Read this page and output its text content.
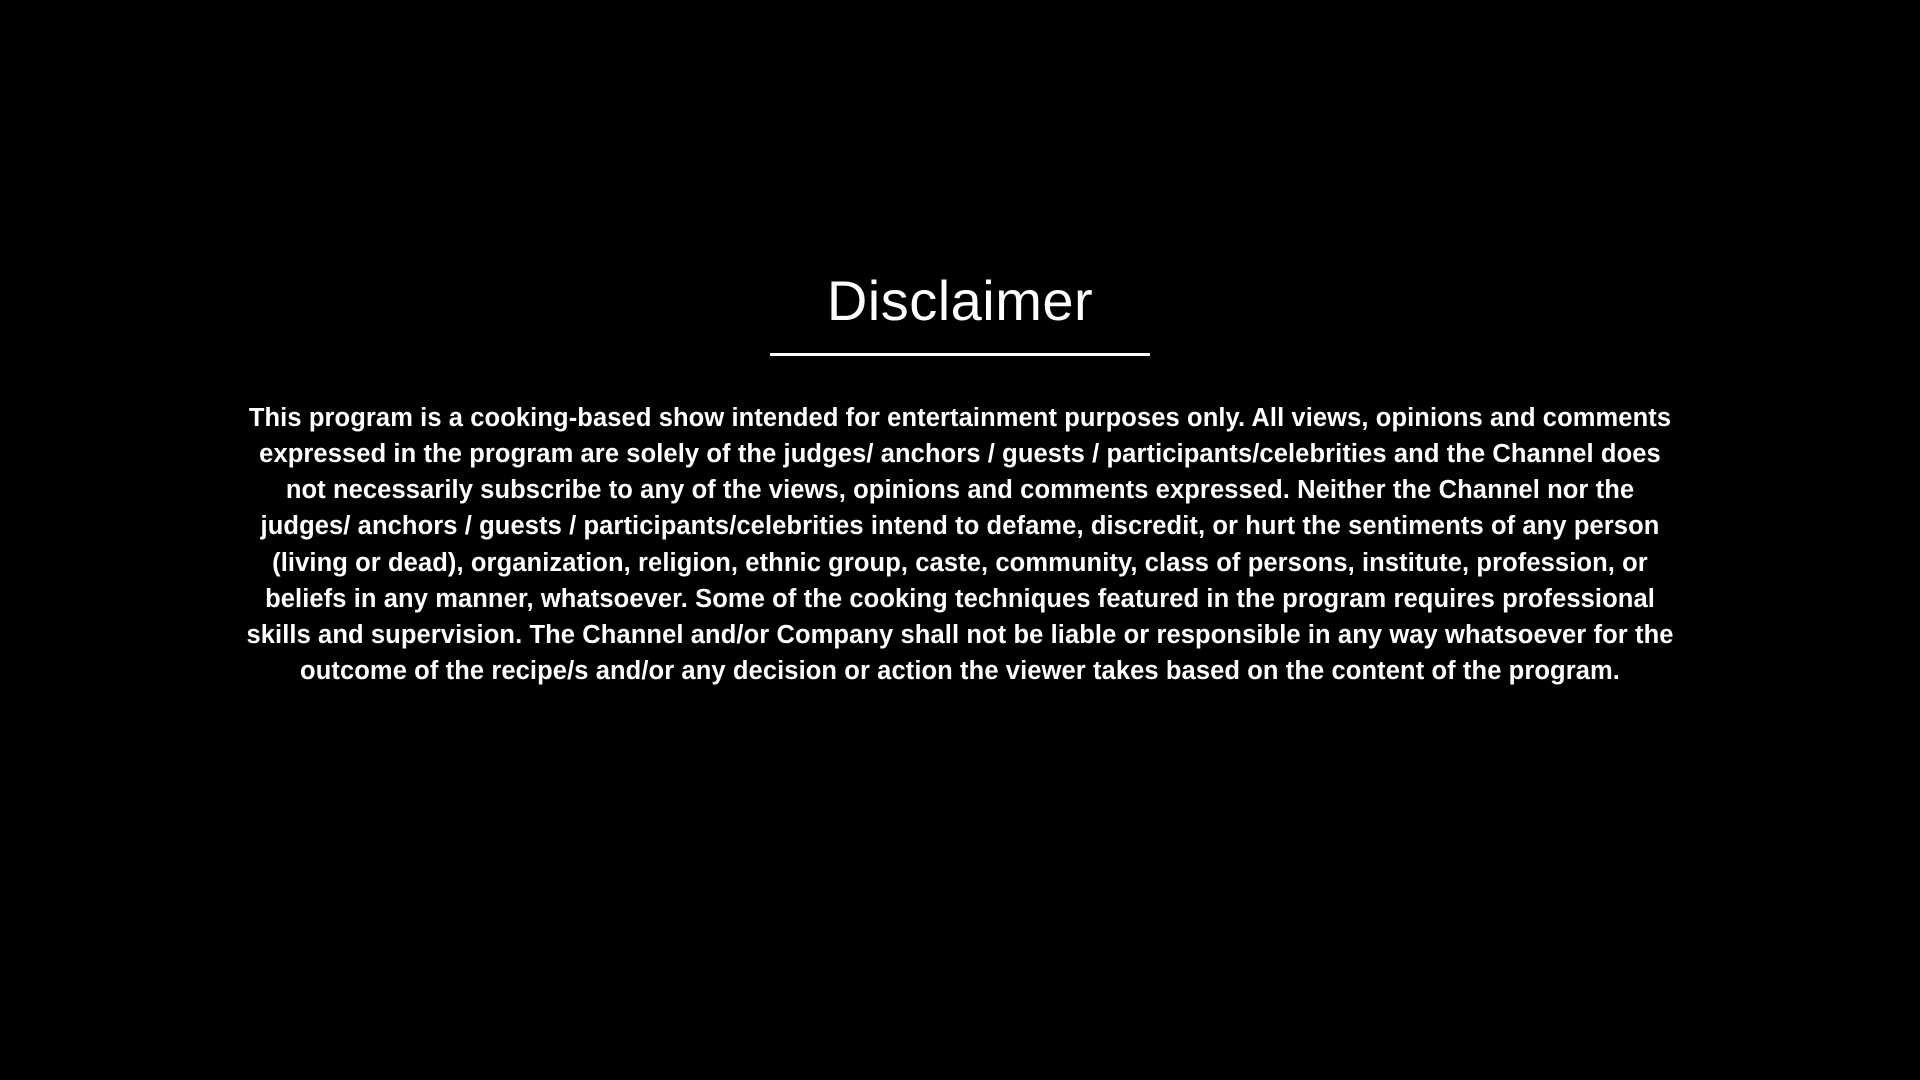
Disclaimer

This program is a cooking-based show intended for entertainment purposes only. All views, opinions and comments expressed in the program are solely of the judges/ anchors / guests / participants/celebrities and the Channel does not necessarily subscribe to any of the views, opinions and comments expressed. Neither the Channel nor the judges/ anchors / guests / participants/celebrities intend to defame, discredit, or hurt the sentiments of any person (living or dead), organization, religion, ethnic group, caste, community, class of persons, institute, profession, or beliefs in any manner, whatsoever. Some of the cooking techniques featured in the program requires professional skills and supervision. The Channel and/or Company shall not be liable or responsible in any way whatsoever for the outcome of the recipe/s and/or any decision or action the viewer takes based on the content of the program.
